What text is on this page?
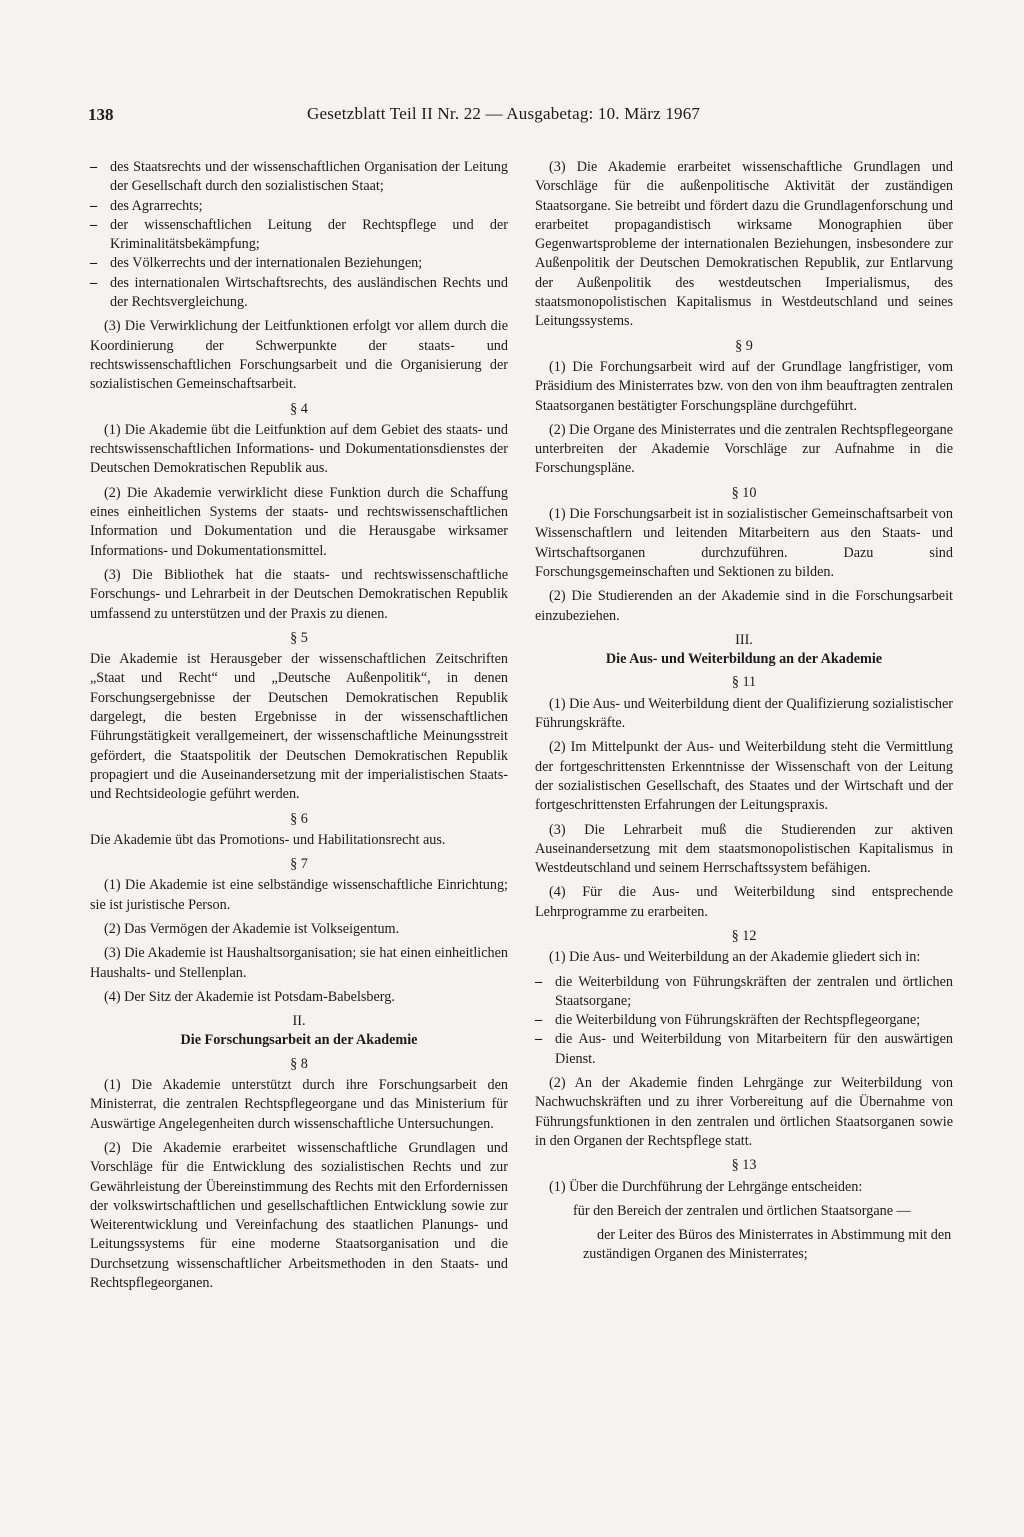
138	Gesetzblatt Teil II Nr. 22 — Ausgabetag: 10. März 1967
– des Staatsrechts und der wissenschaftlichen Organisation der Leitung der Gesellschaft durch den sozialistischen Staat;
– des Agrarrechts;
– der wissenschaftlichen Leitung der Rechtspflege und der Kriminalitätsbekämpfung;
– des Völkerrechts und der internationalen Beziehungen;
– des internationalen Wirtschaftsrechts, des ausländischen Rechts und der Rechtsvergleichung.

(3) Die Verwirklichung der Leitfunktionen erfolgt vor allem durch die Koordinierung der Schwerpunkte der staats- und rechtswissenschaftlichen Forschungsarbeit und die Organisierung der sozialistischen Gemeinschaftsarbeit.

§ 4

(1) Die Akademie übt die Leitfunktion auf dem Gebiet des staats- und rechtswissenschaftlichen Informations- und Dokumentationsdienstes der Deutschen Demokratischen Republik aus.

(2) Die Akademie verwirklicht diese Funktion durch die Schaffung eines einheitlichen Systems der staats- und rechtswissenschaftlichen Information und Dokumentation und die Herausgabe wirksamer Informations- und Dokumentationsmittel.

(3) Die Bibliothek hat die staats- und rechtswissenschaftliche Forschungs- und Lehrarbeit in der Deutschen Demokratischen Republik umfassend zu unterstützen und der Praxis zu dienen.

§ 5

Die Akademie ist Herausgeber der wissenschaftlichen Zeitschriften „Staat und Recht“ und „Deutsche Außenpolitik“, in denen Forschungsergebnisse der Deutschen Demokratischen Republik dargelegt, die besten Ergebnisse in der wissenschaftlichen Führungstätigkeit verallgemeinert, der wissenschaftliche Meinungsstreit gefördert, die Staatspolitik der Deutschen Demokratischen Republik propagiert und die Auseinandersetzung mit der imperialistischen Staats- und Rechtsideologie geführt werden.

§ 6

Die Akademie übt das Promotions- und Habilitationsrecht aus.

§ 7

(1) Die Akademie ist eine selbständige wissenschaftliche Einrichtung; sie ist juristische Person.

(2) Das Vermögen der Akademie ist Volkseigentum.

(3) Die Akademie ist Haushaltsorganisation; sie hat einen einheitlichen Haushalts- und Stellenplan.

(4) Der Sitz der Akademie ist Potsdam-Babelsberg.

II.
Die Forschungsarbeit an der Akademie
§ 8

(1) Die Akademie unterstützt durch ihre Forschungsarbeit den Ministerrat, die zentralen Rechtspflegeorgane und das Ministerium für Auswärtige Angelegenheiten durch wissenschaftliche Untersuchungen.

(2) Die Akademie erarbeitet wissenschaftliche Grundlagen und Vorschläge für die Entwicklung des sozialistischen Rechts und zur Gewährleistung der Übereinstimmung des Rechts mit den Erfordernissen der volkswirtschaftlichen und gesellschaftlichen Entwicklung sowie zur Weiterentwicklung und Vereinfachung des staatlichen Planungs- und Leitungssystems für eine moderne Staatsorganisation und die Durchsetzung wissenschaftlicher Arbeitsmethoden in den Staats- und Rechtspflegeorganen.

(3) Die Akademie erarbeitet wissenschaftliche Grundlagen und Vorschläge für die außenpolitische Aktivität der zuständigen Staatsorgane. Sie betreibt und fördert dazu die Grundlagenforschung und erarbeitet propagandistisch wirksame Monographien über Gegenwartsprobleme der internationalen Beziehungen, insbesondere zur Außenpolitik der Deutschen Demokratischen Republik, zur Entlarvung der Außenpolitik des westdeutschen Imperialismus, des staatsmonopolistischen Kapitalismus in Westdeutschland und seines Leitungssystems.

§ 9

(1) Die Forchungsarbeit wird auf der Grundlage langfristiger, vom Präsidium des Ministerrates bzw. von den von ihm beauftragten zentralen Staatsorganen bestätigter Forschungspläne durchgeführt.

(2) Die Organe des Ministerrates und die zentralen Rechtspflegeorgane unterbreiten der Akademie Vorschläge zur Aufnahme in die Forschungspläne.

§ 10

(1) Die Forschungsarbeit ist in sozialistischer Gemeinschaftsarbeit von Wissenschaftlern und leitenden Mitarbeitern aus den Staats- und Wirtschaftsorganen durchzuführen. Dazu sind Forschungsgemeinschaften und Sektionen zu bilden.

(2) Die Studierenden an der Akademie sind in die Forschungsarbeit einzubeziehen.

III.
Die Aus- und Weiterbildung an der Akademie
§ 11

(1) Die Aus- und Weiterbildung dient der Qualifizierung sozialistischer Führungskräfte.

(2) Im Mittelpunkt der Aus- und Weiterbildung steht die Vermittlung der fortgeschrittensten Erkenntnisse der Wissenschaft von der Leitung der sozialistischen Gesellschaft, des Staates und der Wirtschaft und der fortgeschrittensten Erfahrungen der Leitungspraxis.

(3) Die Lehrarbeit muß die Studierenden zur aktiven Auseinandersetzung mit dem staatsmonopolistischen Kapitalismus in Westdeutschland und seinem Herrschaftssystem befähigen.

(4) Für die Aus- und Weiterbildung sind entsprechende Lehrprogramme zu erarbeiten.

§ 12

(1) Die Aus- und Weiterbildung an der Akademie gliedert sich in:

– die Weiterbildung von Führungskräften der zentralen und örtlichen Staatsorgane;
– die Weiterbildung von Führungskräften der Rechtspflegeorgane;
– die Aus- und Weiterbildung von Mitarbeitern für den auswärtigen Dienst.

(2) An der Akademie finden Lehrgänge zur Weiterbildung von Nachwuchskräften und zu ihrer Vorbereitung auf die Übernahme von Führungsfunktionen in den zentralen und örtlichen Staatsorganen sowie in den Organen der Rechtspflege statt.

§ 13

(1) Über die Durchführung der Lehrgänge entscheiden:

für den Bereich der zentralen und örtlichen Staatsorgane —

der Leiter des Büros des Ministerrates in Abstimmung mit den zuständigen Organen des Ministerrates;
